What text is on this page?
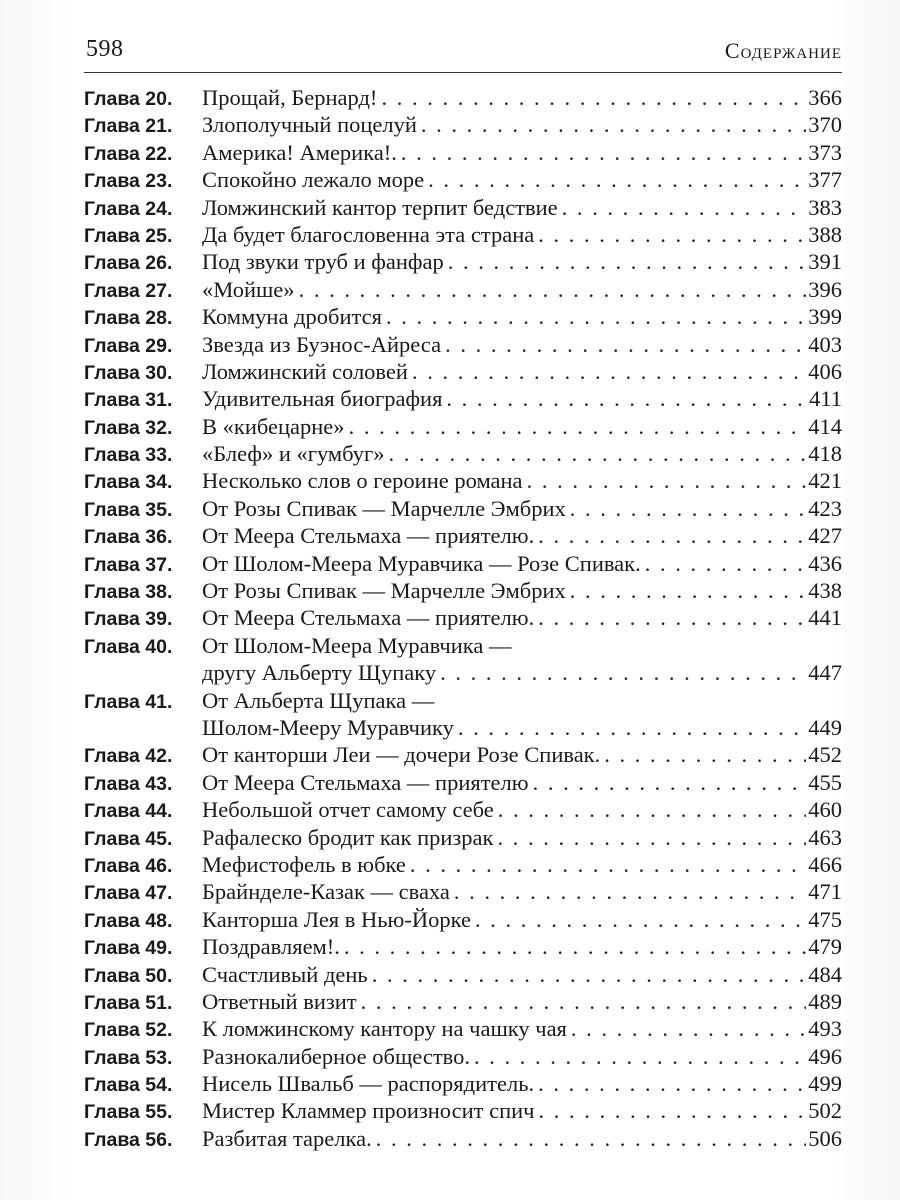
598	Содержание
Глава 20.	Прощай, Бернард! . . .	366
Глава 21.	Злополучный поцелуй . . .	370
Глава 22.	Америка! Америка!. . . .	373
Глава 23.	Спокойно лежало море . . .	377
Глава 24.	Ломжинский кантор терпит бедствие . . .	383
Глава 25.	Да будет благословенна эта страна . . .	388
Глава 26.	Под звуки труб и фанфар . . .	391
Глава 27.	«Мойше» . . .	396
Глава 28.	Коммуна дробится . . .	399
Глава 29.	Звезда из Буэнос-Айреса . . .	403
Глава 30.	Ломжинский соловей . . .	406
Глава 31.	Удивительная биография . . .	411
Глава 32.	В «кибецарне» . . .	414
Глава 33.	«Блеф» и «гумбуг» . . .	418
Глава 34.	Несколько слов о героине романа . . .	421
Глава 35.	От Розы Спивак — Марчелле Эмбрих . . .	423
Глава 36.	От Меера Стельмаха — приятелю. . . .	427
Глава 37.	От Шолом-Меера Муравчика — Розе Спивак. . . .	436
Глава 38.	От Розы Спивак — Марчелле Эмбрих . . .	438
Глава 39.	От Меера Стельмаха — приятелю. . . .	441
Глава 40.	От Шолом-Меера Муравчика —
другу Альберту Щупаку . . .	447
Глава 41.	От Альберта Щупака —
Шолом-Мееру Муравчику . . .	449
Глава 42.	От канторши Леи — дочери Розе Спивак. . . .	452
Глава 43.	От Меера Стельмаха — приятелю . . .	455
Глава 44.	Небольшой отчет самому себе . . .	460
Глава 45.	Рафалеско бродит как призрак . . .	463
Глава 46.	Мефистофель в юбке . . .	466
Глава 47.	Брайнделе-Казак — сваха . . .	471
Глава 48.	Канторша Лея в Нью-Йорке . . .	475
Глава 49.	Поздравляем!. . . .	479
Глава 50.	Счастливый день . . .	484
Глава 51.	Ответный визит . . .	489
Глава 52.	К ломжинскому кантору на чашку чая . . .	493
Глава 53.	Разнокалиберное общество. . . .	496
Глава 54.	Нисель Швальб — распорядитель. . . .	499
Глава 55.	Мистер Кламмер произносит спич . . .	502
Глава 56.	Разбитая тарелка. . . .	506
